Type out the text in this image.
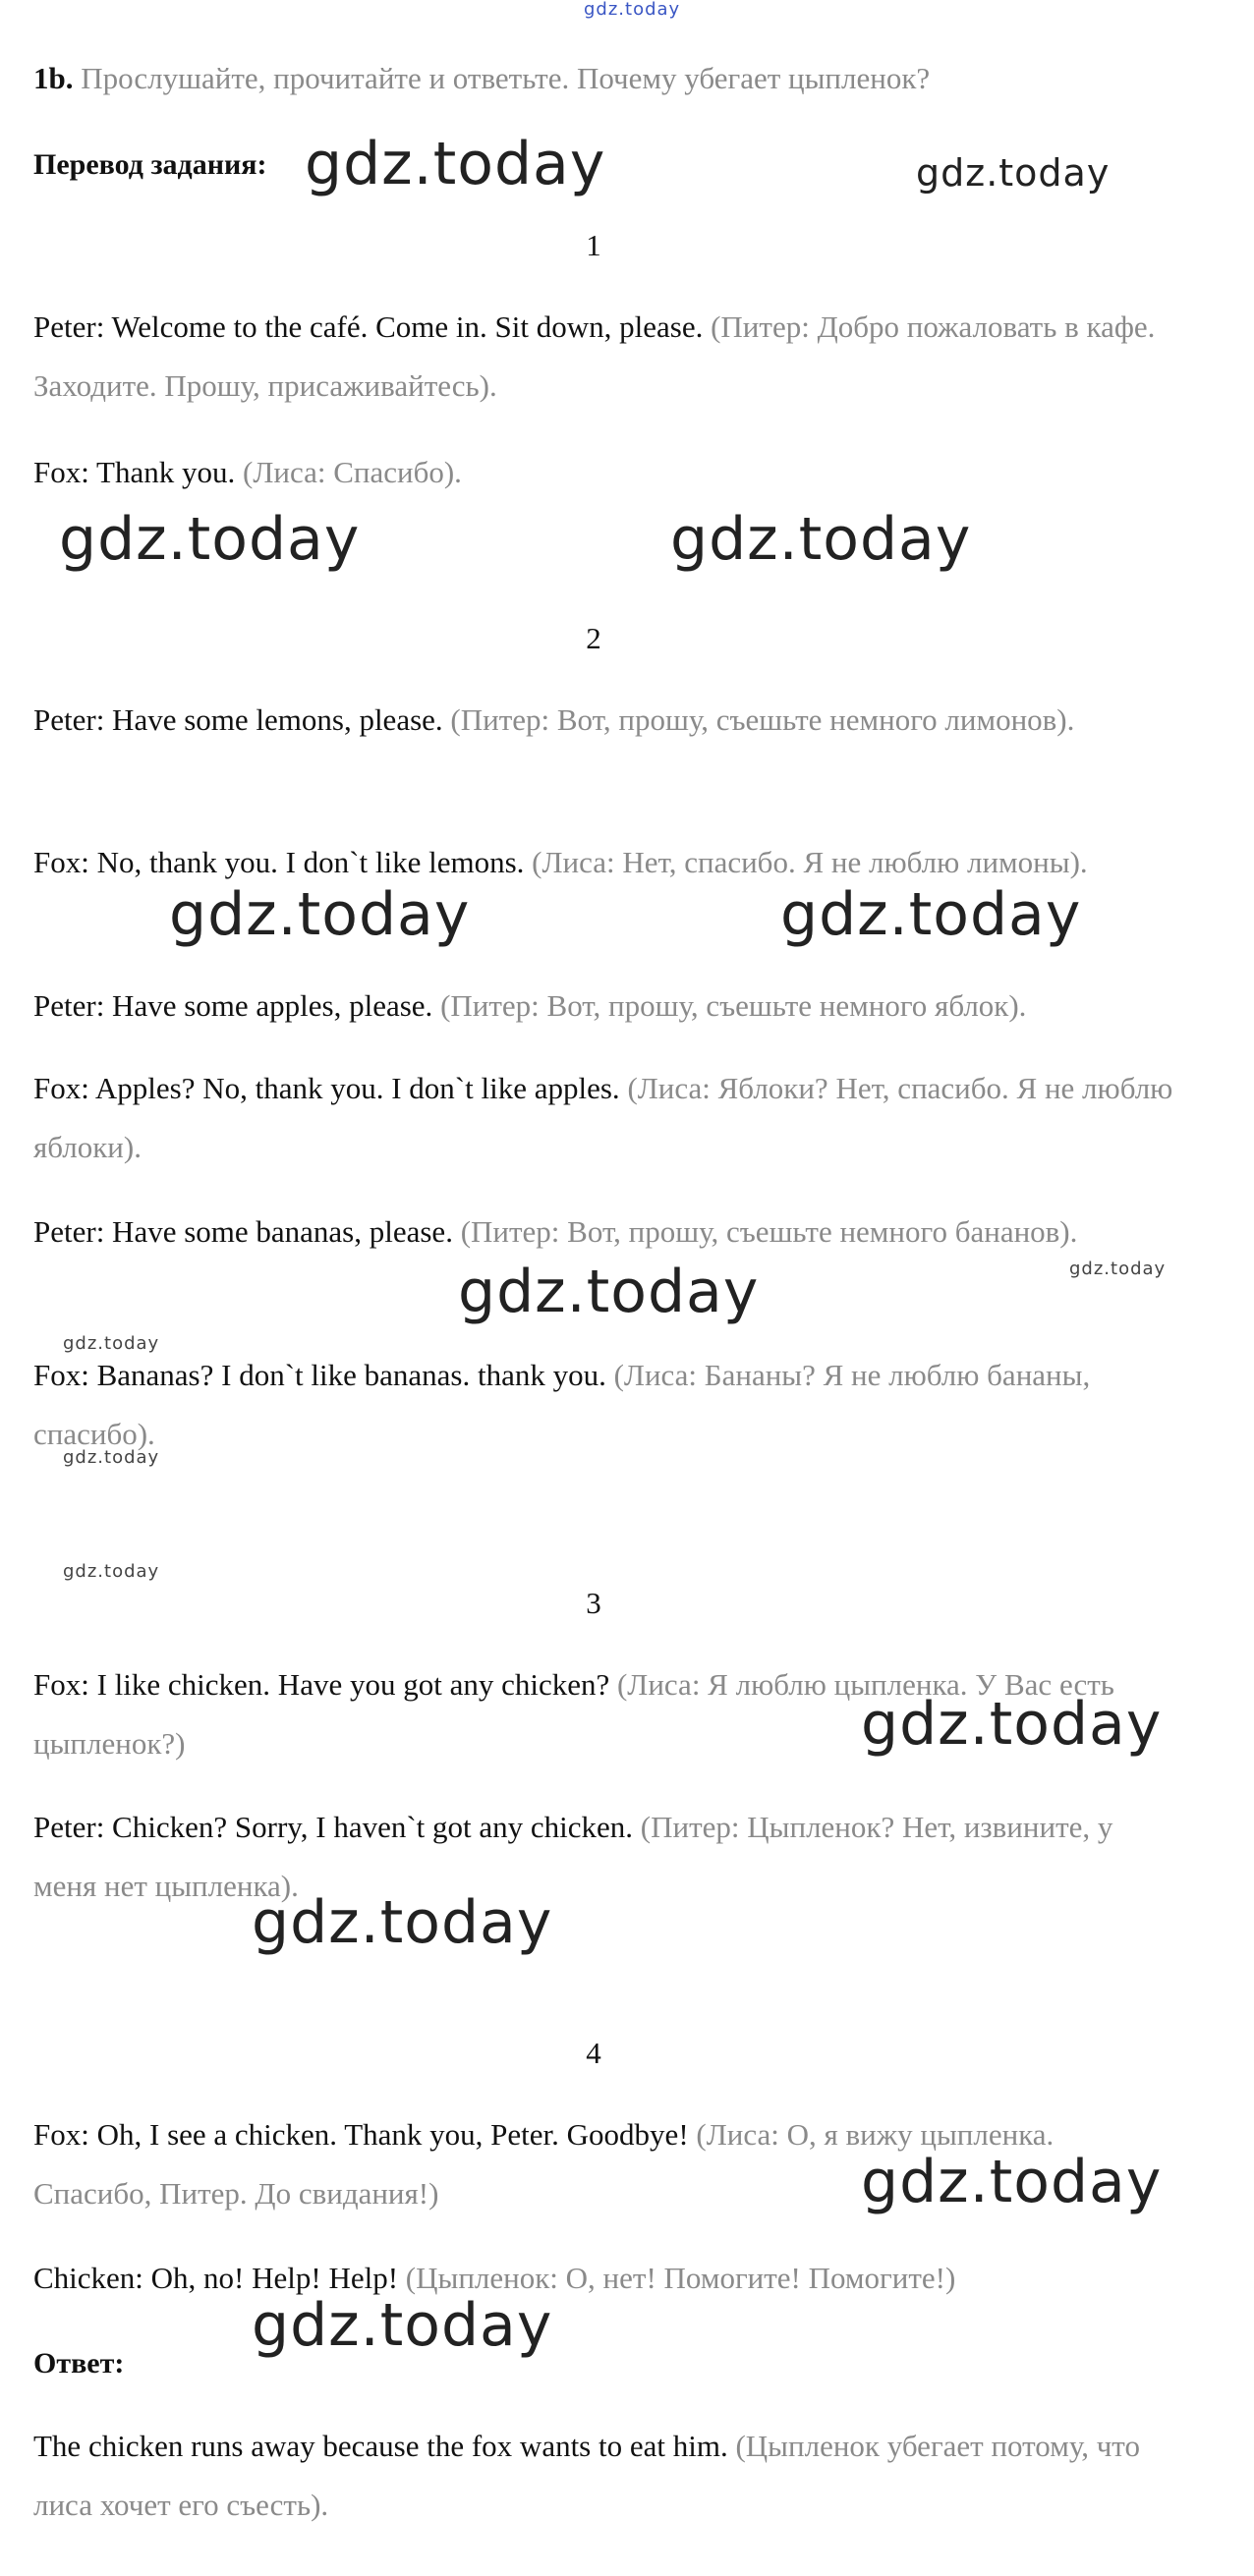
gdz.today
1b. Прослушайте, прочитайте и ответьте. Почему убегает цыпленок?
Перевод задания: gdz.today	gdz.today
1
Peter: Welcome to the café. Come in. Sit down, please. (Питер: Добро пожаловать в кафе. Заходите. Прошу, присаживайтесь).
Fox: Thank you. (Лиса: Спасибо).
gdz.today	gdz.today
2
Peter: Have some lemons, please. (Питер: Вот, прошу, съешьте немного лимонов).
Fox: No, thank you. I don`t like lemons. (Лиса: Нет, спасибо. Я не люблю лимоны).
gdz.today	gdz.today
Peter: Have some apples, please. (Питер: Вот, прошу, съешьте немного яблок).
Fox: Apples? No, thank you. I don`t like apples. (Лиса: Яблоки? Нет, спасибо. Я не люблю яблоки).
Peter: Have some bananas, please. (Питер: Вот, прошу, съешьте немного бананов).
gdz.today
gdz.today
gdz.today
Fox: Bananas? I don`t like bananas. thank you. (Лиса: Бананы? Я не люблю бананы, спасибо).
gdz.today
gdz.today
3
Fox: I like chicken. Have you got any chicken? (Лиса: Я люблю цыпленка. У Вас есть цыпленок?)	gdz.today
Peter: Chicken? Sorry, I haven`t got any chicken. (Питер: Цыпленок? Нет, извините, у меня нет цыпленка).
gdz.today
4
Fox: Oh, I see a chicken. Thank you, Peter. Goodbye! (Лиса: О, я вижу цыпленка. Спасибо, Питер. До свидания!)	gdz.today
Chicken: Oh, no! Help! Help! (Цыпленок: О, нет! Помогите! Помогите!)
gdz.today
Ответ:
The chicken runs away because the fox wants to eat him. (Цыпленок убегает потому, что лиса хочет его съесть).
